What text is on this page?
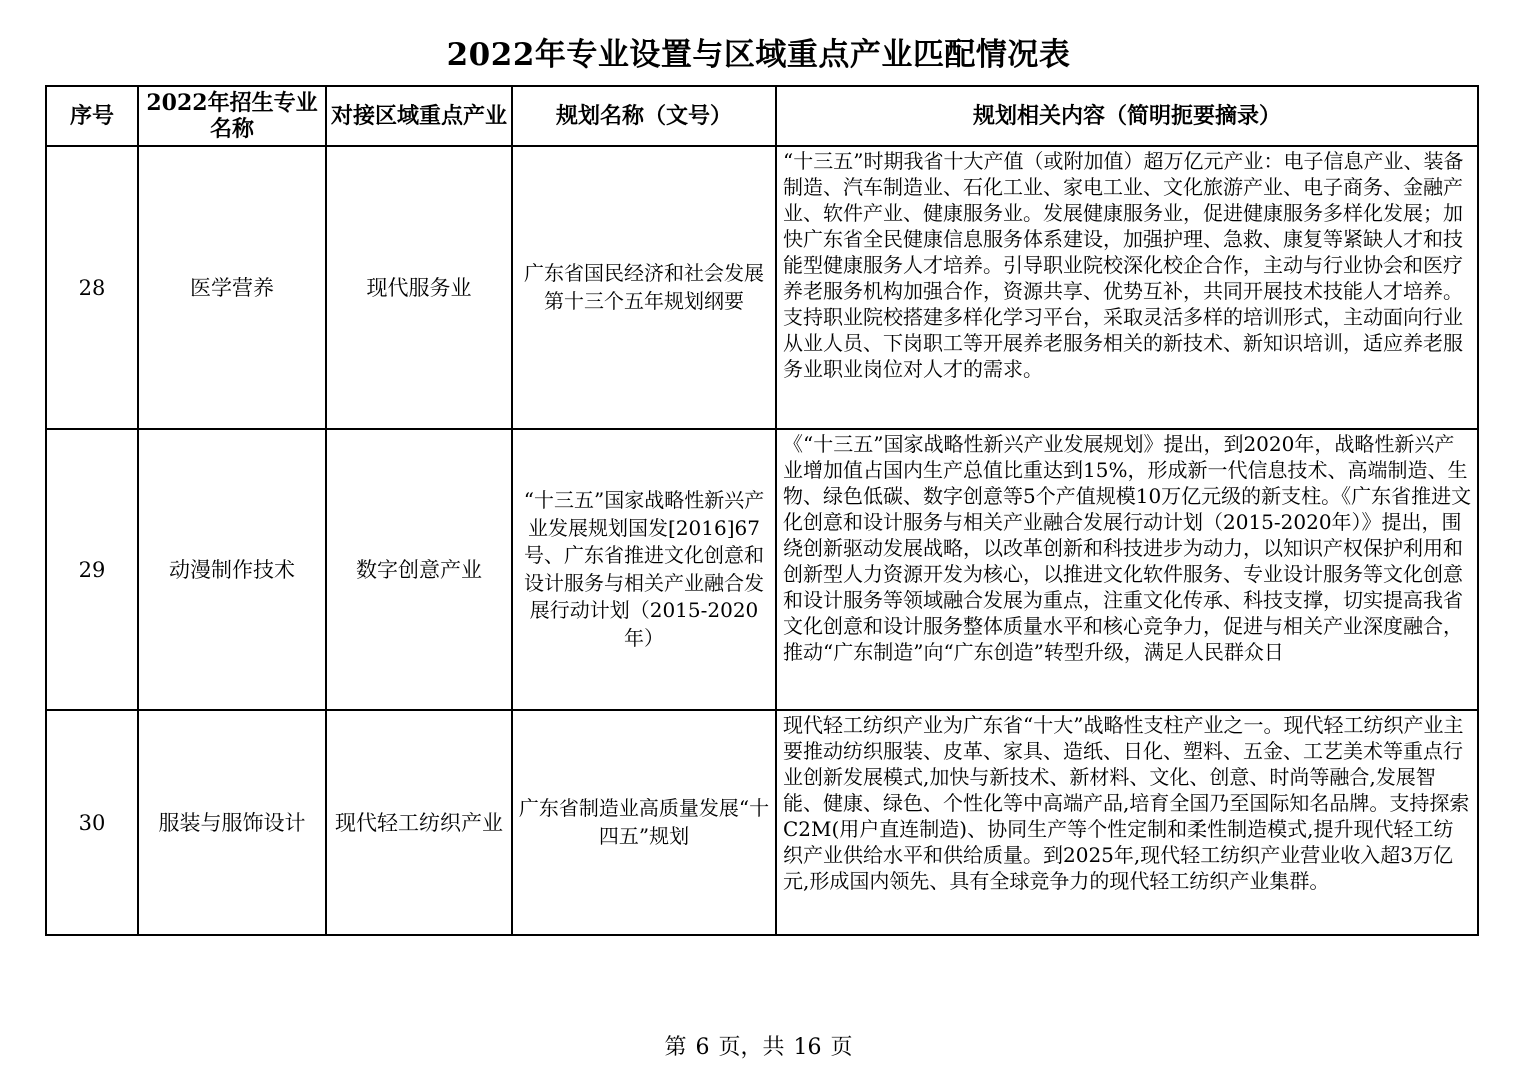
2022年专业设置与区域重点产业匹配情况表
序号	2022年招生专业名称	对接区域重点产业	规划名称（文号）	规划相关内容（简明扼要摘录）
28	医学营养	现代服务业	广东省国民经济和社会发展第十三个五年规划纲要	“十三五”时期我省十大产值（或附加值）超万亿元产业：电子信息产业、装备制造、汽车制造业、石化工业、家电工业、文化旅游产业、电子商务、金融产业、软件产业、健康服务业。发展健康服务业，促进健康服务多样化发展；加快广东省全民健康信息服务体系建设，加强护理、急救、康复等紧缺人才和技能型健康服务人才培养。引导职业院校深化校企合作，主动与行业协会和医疗养老服务机构加强合作，资源共享、优势互补，共同开展技术技能人才培养。支持职业院校搭建多样化学习平台，采取灵活多样的培训形式，主动面向行业从业人员、下岗职工等开展养老服务相关的新技术、新知识培训，适应养老服务业职业岗位对人才的需求。

29	动漫制作技术	数字创意产业	“十三五”国家战略性新兴产业发展规划国发[2016]67号、广东省推进文化创意和设计服务与相关产业融合发展行动计划（2015-2020年）	《“十三五”国家战略性新兴产业发展规划》提出，到2020年，战略性新兴产业增加值占国内生产总值比重达到15%，形成新一代信息技术、高端制造、生物、绿色低碳、数字创意等5个产值规模10万亿元级的新支柱。《广东省推进文化创意和设计服务与相关产业融合发展行动计划（2015-2020年）》提出，围绕创新驱动发展战略，以改革创新和科技进步为动力，以知识产权保护利用和创新型人力资源开发为核心，以推进文化软件服务、专业设计服务等文化创意和设计服务等领域融合发展为重点，注重文化传承、科技支撑，切实提高我省文化创意和设计服务整体质量水平和核心竞争力，促进与相关产业深度融合，推动“广东制造”向“广东创造”转型升级，满足人民群众日

30	服装与服饰设计	现代轻工纺织产业	广东省制造业高质量发展“十四五”规划	现代轻工纺织产业为广东省“十大”战略性支柱产业之一。现代轻工纺织产业主要推动纺织服装、皮革、家具、造纸、日化、塑料、五金、工艺美术等重点行业创新发展模式,加快与新技术、新材料、文化、创意、时尚等融合,发展智能、健康、绿色、个性化等中高端产品,培育全国乃至国际知名品牌。支持探索C2M(用户直连制造)、协同生产等个性定制和柔性制造模式,提升现代轻工纺织产业供给水平和供给质量。到2025年,现代轻工纺织产业营业收入超3万亿元,形成国内领先、具有全球竞争力的现代轻工纺织产业集群。
第 6 页，共 16 页
